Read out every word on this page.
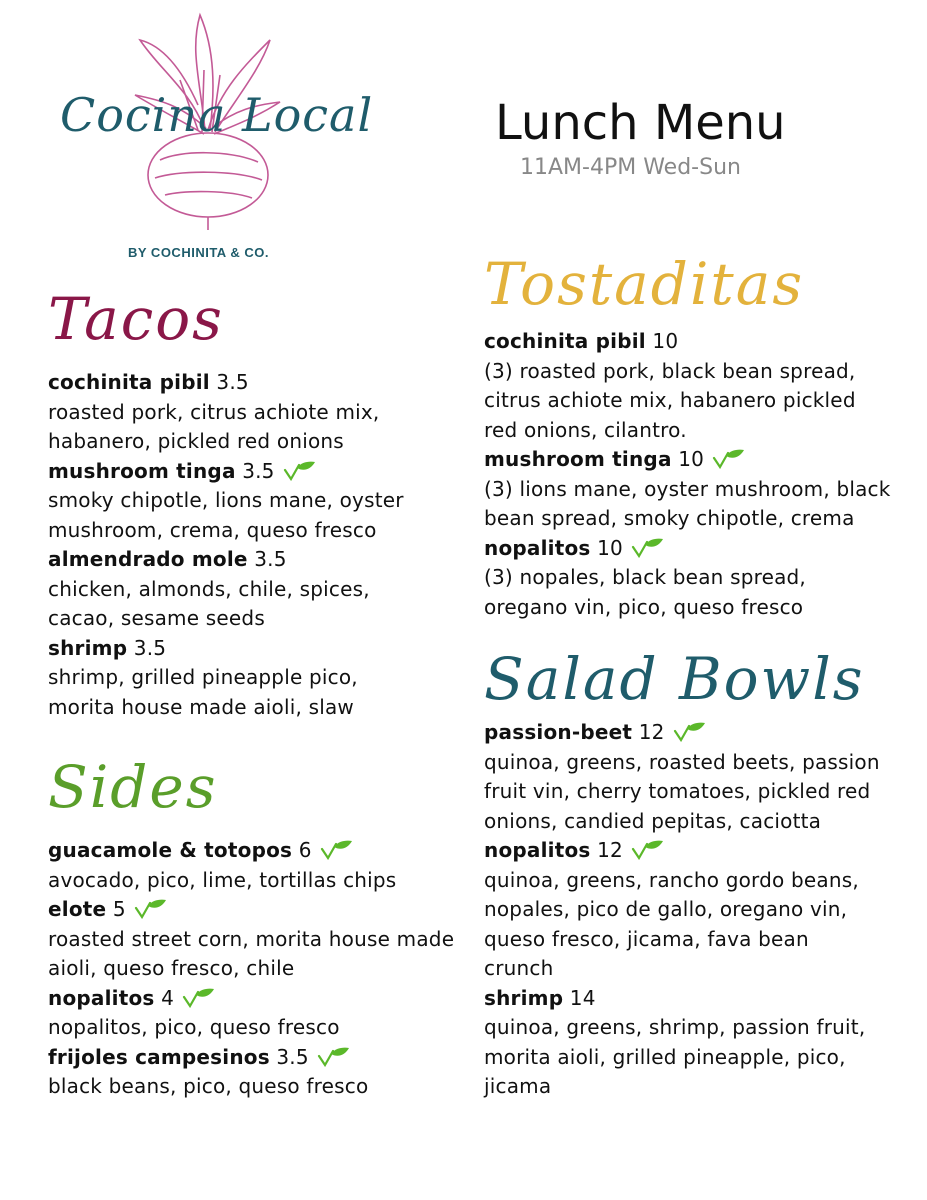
Cocina Local
BY COCHINITA & CO.
Lunch Menu
11AM-4PM Wed-Sun
Tacos
cochinita pibil 3.5
roasted pork, citrus achiote mix,
habanero, pickled red onions
mushroom tinga 3.5
smoky chipotle, lions mane, oyster
mushroom, crema, queso fresco
almendrado mole 3.5
chicken, almonds, chile, spices,
cacao, sesame seeds
shrimp 3.5
shrimp, grilled pineapple pico,
morita house made aioli, slaw
Sides
guacamole & totopos 6
avocado, pico, lime, tortillas chips
elote 5
roasted street corn, morita house made
aioli, queso fresco, chile
nopalitos 4
nopalitos, pico, queso fresco
frijoles campesinos 3.5
black beans, pico, queso fresco
Tostaditas
cochinita pibil 10
(3) roasted pork, black bean spread,
citrus achiote mix, habanero pickled
red onions, cilantro.
mushroom tinga 10
(3) lions mane, oyster mushroom, black
bean spread, smoky chipotle, crema
nopalitos 10
(3) nopales, black bean spread,
oregano vin, pico, queso fresco
Salad Bowls
passion-beet 12
quinoa, greens, roasted beets, passion
fruit vin, cherry tomatoes, pickled red
onions, candied pepitas, caciotta
nopalitos 12
quinoa, greens, rancho gordo beans,
nopales, pico de gallo, oregano vin,
queso fresco, jicama, fava bean
crunch
shrimp 14
quinoa, greens, shrimp, passion fruit,
morita aioli, grilled pineapple, pico,
jicama
